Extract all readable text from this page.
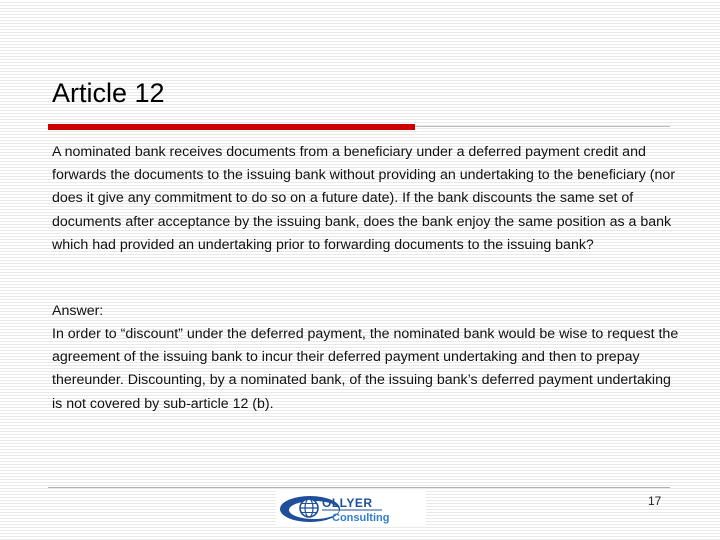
Article 12

A nominated bank receives documents from a beneficiary under a deferred payment credit and forwards the documents to the issuing bank without providing an undertaking to the beneficiary (nor does it give any commitment to do so on a future date). If the bank discounts the same set of documents after acceptance by the issuing bank, does the bank enjoy the same position as a bank which had provided an undertaking prior to forwarding documents to the issuing bank?

Answer:

In order to “discount” under the deferred payment, the nominated bank would be wise to request the agreement of the issuing bank to incur their deferred payment undertaking and then to prepay thereunder. Discounting, by a nominated bank, of the issuing bank’s deferred payment undertaking is not covered by sub-article 12 (b).

OLLYER
Consulting
17
